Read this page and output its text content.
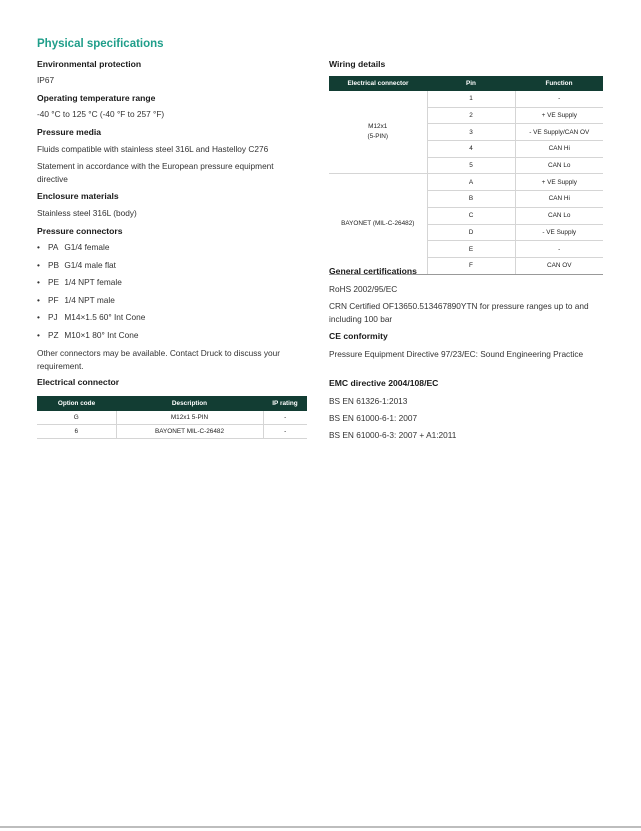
Physical specifications
Environmental protection
IP67
Operating temperature range
-40 °C to 125 °C (-40 °F to 257 °F)
Pressure media
Fluids compatible with stainless steel 316L and Hastelloy C276
Statement in accordance with the European pressure equipment directive
Enclosure materials
Stainless steel 316L (body)
Pressure connectors
• PA G1/4 female
• PB G1/4 male flat
• PE 1/4 NPT female
• PF 1/4 NPT male
• PJ M14×1.5 60° Int Cone
• PZ M10×1 80° Int Cone
Other connectors may be available. Contact Druck to discuss your requirement.
Electrical connector
Option code	Description	IP rating
G	M12x1 5-PIN	-
6	BAYONET MIL-C-26482	-
Wiring details
Electrical connector	Pin	Function
M12x1
(5-PIN)	1	-
	2	+ VE Supply
	3	- VE Supply/CAN OV
	4	CAN Hi
	5	CAN Lo
BAYONET (MIL-C-26482)	A	+ VE Supply
	B	CAN Hi
	C	CAN Lo
	D	- VE Supply
	E	-
	F	CAN OV
General certifications
RoHS 2002/95/EC
CRN Certified OF13650.513467890YTN for pressure ranges up to and including 100 bar
CE conformity
Pressure Equipment Directive 97/23/EC: Sound Engineering Practice
EMC directive 2004/108/EC
BS EN 61326-1:2013
BS EN 61000-6-1: 2007
BS EN 61000-6-3: 2007 + A1:2011
